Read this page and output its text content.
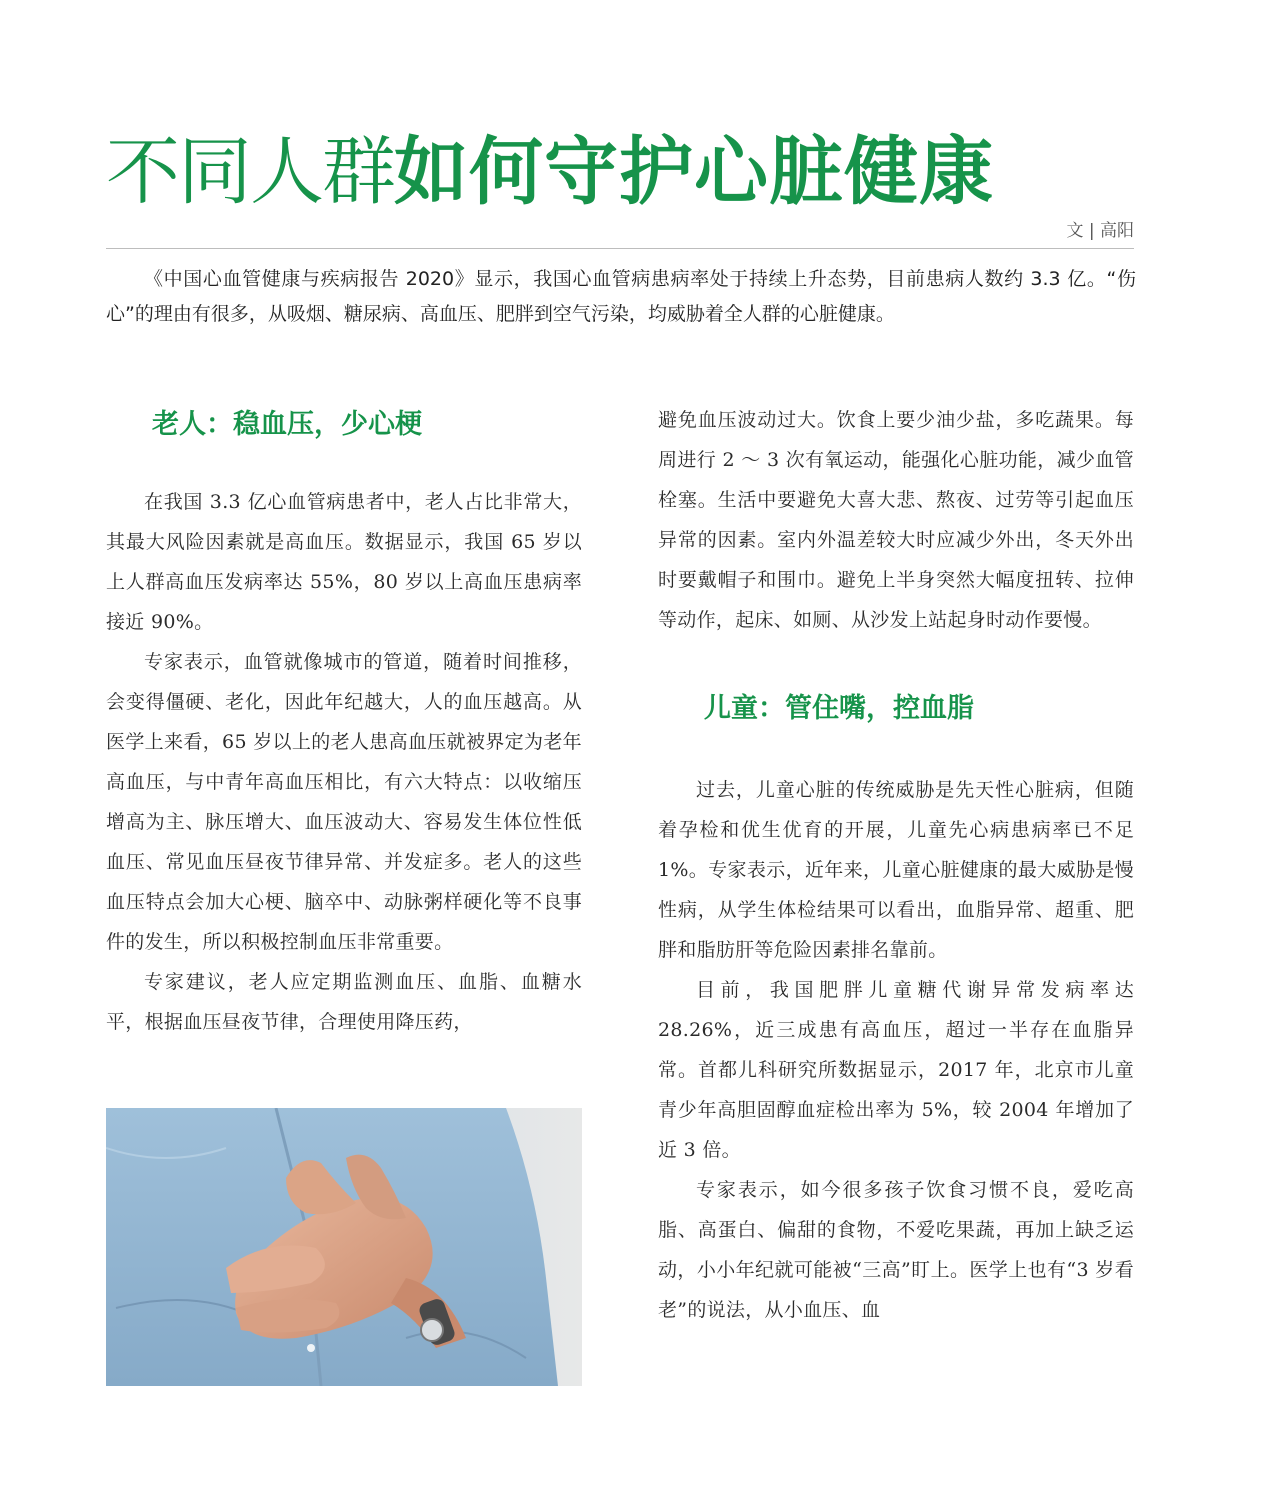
不同人群如何守护心脏健康
文 | 高阳

《中国心血管健康与疾病报告 2020》显示，我国心血管病患病率处于持续上升态势，目前患病人数约 3.3 亿。“伤心”的理由有很多，从吸烟、糖尿病、高血压、肥胖到空气污染，均威胁着全人群的心脏健康。

老人：稳血压，少心梗

在我国 3.3 亿心血管病患者中，老人占比非常大，其最大风险因素就是高血压。数据显示，我国 65 岁以上人群高血压发病率达 55%，80 岁以上高血压患病率接近 90%。

专家表示，血管就像城市的管道，随着时间推移，会变得僵硬、老化，因此年纪越大，人的血压越高。从医学上来看，65 岁以上的老人患高血压就被界定为老年高血压，与中青年高血压相比，有六大特点：以收缩压增高为主、脉压增大、血压波动大、容易发生体位性低血压、常见血压昼夜节律异常、并发症多。老人的这些血压特点会加大心梗、脑卒中、动脉粥样硬化等不良事件的发生，所以积极控制血压非常重要。

专家建议，老人应定期监测血压、血脂、血糖水平，根据血压昼夜节律，合理使用降压药，

避免血压波动过大。饮食上要少油少盐，多吃蔬果。每周进行 2 ～ 3 次有氧运动，能强化心脏功能，减少血管栓塞。生活中要避免大喜大悲、熬夜、过劳等引起血压异常的因素。室内外温差较大时应减少外出，冬天外出时要戴帽子和围巾。避免上半身突然大幅度扭转、拉伸等动作，起床、如厕、从沙发上站起身时动作要慢。

儿童：管住嘴，控血脂

过去，儿童心脏的传统威胁是先天性心脏病，但随着孕检和优生优育的开展，儿童先心病患病率已不足 1%。专家表示，近年来，儿童心脏健康的最大威胁是慢性病，从学生体检结果可以看出，血脂异常、超重、肥胖和脂肪肝等危险因素排名靠前。

目前，我国肥胖儿童糖代谢异常发病率达 28.26%，近三成患有高血压，超过一半存在血脂异常。首都儿科研究所数据显示，2017 年，北京市儿童青少年高胆固醇血症检出率为 5%，较 2004 年增加了近 3 倍。

专家表示，如今很多孩子饮食习惯不良，爱吃高脂、高蛋白、偏甜的食物，不爱吃果蔬，再加上缺乏运动，小小年纪就可能被“三高”盯上。医学上也有“3 岁看老”的说法，从小血压、血
